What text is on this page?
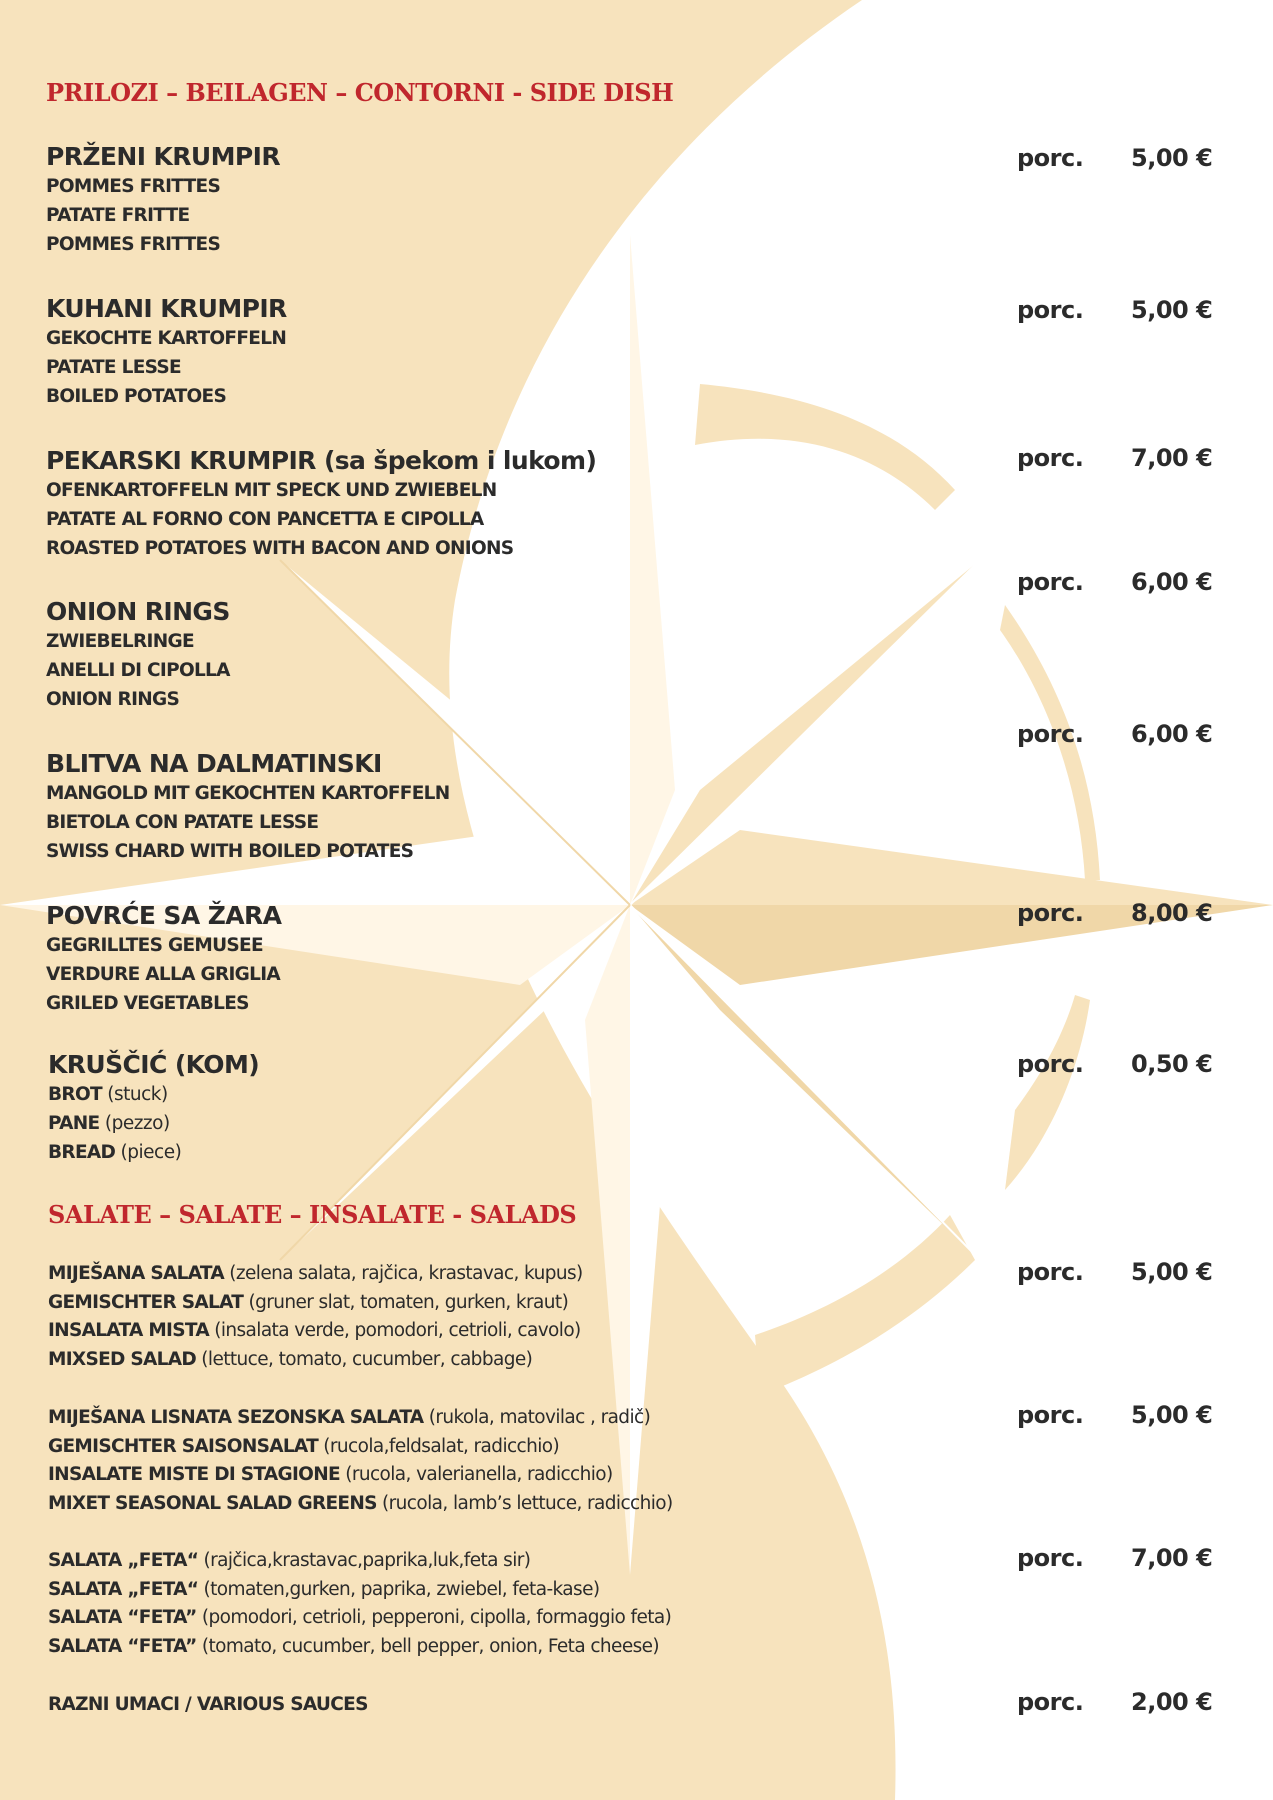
PRILOZI – BEILAGEN – CONTORNI - SIDE DISH
PRŽENI KRUMPIR
POMMES FRITTES
PATATE FRITTE
POMMES FRITTES

porc. 5,00 €

KUHANI KRUMPIR
GEKOCHTE KARTOFFELN
PATATE LESSE
BOILED POTATOES

porc. 5,00 €

PEKARSKI KRUMPIR (sa špekom i lukom)
OFENKARTOFFELN MIT SPECK UND ZWIEBELN
PATATE AL FORNO CON PANCETTA E CIPOLLA
ROASTED POTATOES WITH BACON AND ONIONS

porc. 7,00 €

ONION RINGS
ZWIEBELRINGE
ANELLI DI CIPOLLA
ONION RINGS

porc. 6,00 €

BLITVA NA DALMATINSKI
MANGOLD MIT GEKOCHTEN KARTOFFELN
BIETOLA CON PATATE LESSE
SWISS CHARD WITH BOILED POTATES

porc. 6,00 €

POVRĆE SA ŽARA
GEGRILLTES GEMUSEE
VERDURE ALLA GRIGLIA
GRILED VEGETABLES

porc. 8,00 €

KRUŠČIĆ (KOM)
BROT (stuck)
PANE (pezzo)
BREAD (piece)

porc. 0,50 €

SALATE – SALATE – INSALATE - SALADS
MIJEŠANA SALATA (zelena salata, rajčica, krastavac, kupus)
GEMISCHTER SALAT (gruner slat, tomaten, gurken, kraut)
INSALATA MISTA (insalata verde, pomodori, cetrioli, cavolo)
MIXSED SALAD (lettuce, tomato, cucumber, cabbage)

porc. 5,00 €

MIJEŠANA LISNATA SEZONSKA SALATA (rukola, matovilac , radič)
GEMISCHTER SAISONSALAT (rucola,feldsalat, radicchio)
INSALATE MISTE DI STAGIONE (rucola, valerianella, radicchio)
MIXET SEASONAL SALAD GREENS (rucola, lamb’s lettuce, radicchio)

porc. 5,00 €

SALATA „FETA“ (rajčica,krastavac,paprika,luk,feta sir)
SALATA „FETA“ (tomaten,gurken, paprika, zwiebel, feta-kase)
SALATA “FETA” (pomodori, cetrioli, pepperoni, cipolla, formaggio feta)
SALATA “FETA” (tomato, cucumber, bell pepper, onion, Feta cheese)

porc. 7,00 €

RAZNI UMACI / VARIOUS SAUCES	porc. 2,00 €
